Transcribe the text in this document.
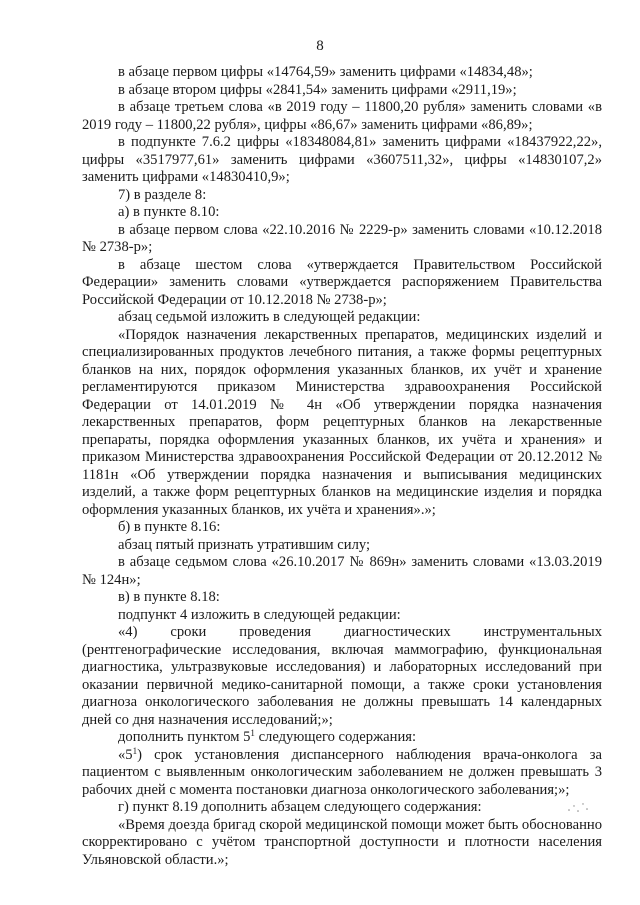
8

в абзаце первом цифры «14764,59» заменить цифрами «14834,48»;

в абзаце втором цифры «2841,54» заменить цифрами «2911,19»;

в абзаце третьем слова «в 2019 году – 11800,20 рубля» заменить словами «в 2019 году – 11800,22 рубля», цифры «86,67» заменить цифрами «86,89»;

в подпункте 7.6.2 цифры «18348084,81» заменить цифрами «18437922,22», цифры «3517977,61» заменить цифрами «3607511,32», цифры «14830107,2» заменить цифрами «14830410,9»;

7) в разделе 8:

а) в пункте 8.10:

в абзаце первом слова «22.10.2016 № 2229-р» заменить словами «10.12.2018 № 2738-р»;

в абзаце шестом слова «утверждается Правительством Российской Федерации» заменить словами «утверждается распоряжением Правительства Российской Федерации от 10.12.2018 № 2738-р»;

абзац седьмой изложить в следующей редакции:

«Порядок назначения лекарственных препаратов, медицинских изделий и специализированных продуктов лечебного питания, а также формы рецептурных бланков на них, порядок оформления указанных бланков, их учёт и хранение регламентируются приказом Министерства здравоохранения Российской Федерации от 14.01.2019 № 4н «Об утверждении порядка назначения лекарственных препаратов, форм рецептурных бланков на лекарственные препараты, порядка оформления указанных бланков, их учёта и хранения» и приказом Министерства здравоохранения Российской Федерации от 20.12.2012 № 1181н «Об утверждении порядка назначения и выписывания медицинских изделий, а также форм рецептурных бланков на медицинские изделия и порядка оформления указанных бланков, их учёта и хранения».»;

б) в пункте 8.16:

абзац пятый признать утратившим силу;

в абзаце седьмом слова «26.10.2017 № 869н» заменить словами «13.03.2019 № 124н»;

в) в пункте 8.18:

подпункт 4 изложить в следующей редакции:

«4) сроки проведения диагностических инструментальных (рентгенографические исследования, включая маммографию, функциональная диагностика, ультразвуковые исследования) и лабораторных исследований при оказании первичной медико-санитарной помощи, а также сроки установления диагноза онкологического заболевания не должны превышать 14 календарных дней со дня назначения исследований;»;

дополнить пунктом $5^1$ следующего содержания:

«$5^1$) срок установления диспансерного наблюдения врача-онколога за пациентом с выявленным онкологическим заболеванием не должен превышать 3 рабочих дней с момента постановки диагноза онкологического заболевания;»;

г) пункт 8.19 дополнить абзацем следующего содержания:

«Время доезда бригад скорой медицинской помощи может быть обоснованно скорректировано с учётом транспортной доступности и плотности населения Ульяновской области.»;
